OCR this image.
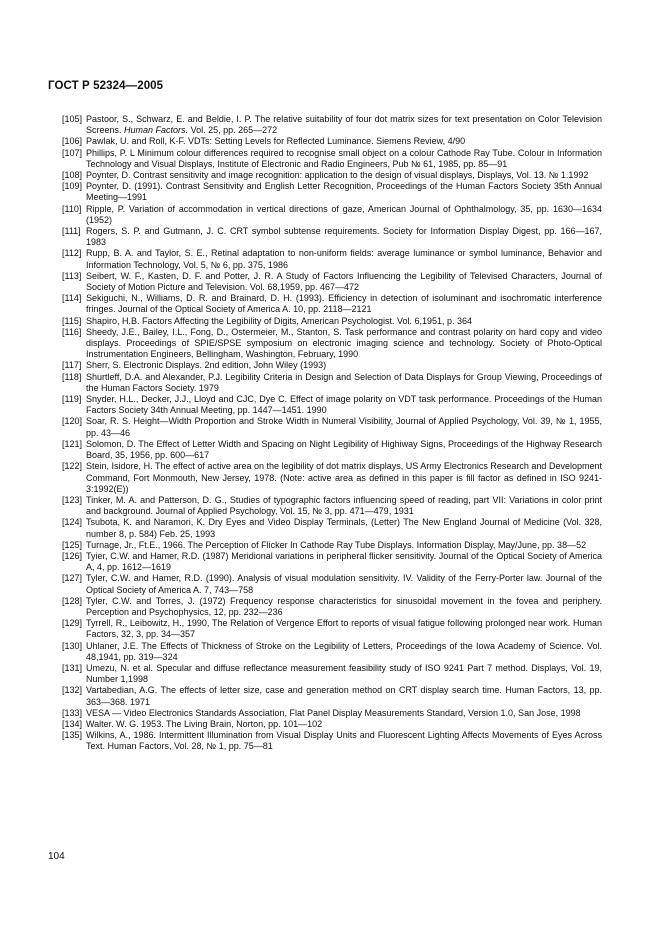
ГОСТ Р 52324—2005
[105] Pastoor, S., Schwarz, E. and Beldie, I. P. The relative suitability of four dot matrix sizes for text presentation on Color Television Screens. Human Factors. Vol. 25, pp. 265—272
[106] Pawlak, U. and Roll, K-F. VDTs: Setting Levels for Reflected Luminance. Siemens Review, 4/90
[107] Phillips, P. L Minimum colour differences required to recognise small object on a colour Cathode Ray Tube. Colour in Information Technology and Visual Displays, Institute of Electronic and Radio Engineers, Pub № 61, 1985, pp. 85—91
[108] Poynter, D. Contrast sensitivity and image recognition: application to the design of visual displays, Displays, Vol. 13. № 1.1992
[109] Poynter, D. (1991). Contrast Sensitivity and English Letter Recognition, Proceedings of the Human Factors Society 35th Annual Meeting—1991
[110] Ripple, P. Variation of accommodation in vertical directions of gaze, American Journal of Ophthalmology, 35, pp. 1630—1634 (1952)
[111] Rogers, S. P. and Gutmann, J. C. CRT symbol subtense requirements. Society for Information Display Digest, pp. 166—167, 1983
[112] Rupp, B. A. and Taylor, S. E., Retinal adaptation to non-uniform fields: average luminance or symbol luminance, Behavior and Information Technology, Vol. 5, № 6, pp. 375, 1986
[113] Seibert, W. F., Kasten, D. F. and Potter, J. R. A Study of Factors Influencing the Legibility of Televised Characters, Journal of Society of Motion Picture and Television. Vol. 68,1959, pp. 467—472
[114] Sekiguchi, N., Williams, D. R. and Brainard, D. H. (1993). Efficiency in detection of isoluminant and isochromatic interference fringes. Journal of the Optical Society of America A. 10, pp. 2118—2121
[115] Shapiro, H.B. Factors Affecting the Legibility of Digits, American Psychologist. Vol. 6,1951, p. 364
[116] Sheedy, J.E., Bailey, I.L., Fong, D., Ostermeier, M., Stanton, S. Task performance and contrast polarity on hard copy and video displays. Proceedings of SPIE/SPSE symposium on electronic imaging science and technology. Society of Photo-Optical Instrumentation Engineers, Bellingham, Washington, February, 1990
[117] Sherr, S. Electronic Displays. 2nd edition, John Wiley (1993)
[118] Shurtleff, D.A. and Alexander, P.J. Legibility Criteria in Design and Selection of Data Displays for Group Viewing, Proceedings of the Human Factors Society. 1979
[119] Snyder, H.L., Decker, J.J., Lloyd and CJC, Dye C. Effect of image polarity on VDT task performance. Proceedings of the Human Factors Society 34th Annual Meeting, pp. 1447—1451. 1990
[120] Soar, R. S. Height—Width Proportion and Stroke Width in Numeral Visibility, Journal of Applied Psychology, Vol. 39, № 1, 1955, pp. 43—46
[121] Solomon, D. The Effect of Letter Width and Spacing on Night Legibility of Highiway Signs, Proceedings of the Highway Research Board, 35, 1956, pp. 600—617
[122] Stein, Isidore, H. The effect of active area on the legibility of dot matrix displays, US Army Electronics Research and Development Command, Fort Monmouth, New Jersey, 1978. (Note: active area as defined in this paper is fill factor as defined in ISO 9241-3:1992(E))
[123] Tinker, M. A. and Patterson, D. G., Studies of typographic factors influencing speed of reading, part VII: Variations in color print and background. Journal of Applied Psychology, Vol. 15, № 3, pp. 471—479, 1931
[124] Tsubota, K. and Naramori, K. Dry Eyes and Video Display Terminals, (Letter) The New England Journal of Medicine (Vol. 328, number 8, p. 584) Feb. 25, 1993
[125] Turnage, Jr., Ft.E., 1966. The Perception of Flicker In Cathode Ray Tube Displays. Information Display, May/June, pp. 38—52
[126] Tyier, C.W. and Hamer, R.D. (1987) Meridional variations in peripheral flicker sensitivity. Journal of the Optical Society of America A, 4, pp. 1612—1619
[127] Tyler, C.W. and Hamer, R.D. (1990). Analysis of visual modulation sensitivity. IV. Validity of the Ferry-Porter law. Journal of the Optical Society of America A. 7, 743—758
[128] Tyler, C.W. and Torres, J. (1972) Frequency response characteristics for sinusoidal movement in the fovea and periphery. Perception and Psychophysics, 12, pp. 232—236
[129] Tyrrell, R., Leibowitz, H., 1990, The Relation of Vergence Effort to reports of visual fatigue following prolonged near work. Human Factors, 32, 3, pp. 34—357
[130] Uhlaner, J.E. The Effects of Thickness of Stroke on the Legibility of Letters, Proceedings of the Iowa Academy of Science. Vol. 48,1941, pp. 319—324
[131] Umezu, N. et al. Specular and diffuse reflectance measurement feasibility study of ISO 9241 Part 7 method. Displays, Vol. 19, Number 1,1998
[132] Vartabedian, A.G. The effects of letter size, case and generation method on CRT display search time. Human Factors, 13, pp. 363—368. 1971
[133] VESA — Video Electronics Standards Association, Flat Panel Display Measurements Standard, Version 1.0, San Jose, 1998
[134] Walter. W. G. 1953. The Living Brain, Norton, pp. 101—102
[135] Wilkins, A., 1986. Intermittent Illumination from Visual Display Units and Fluorescent Lighting Affects Movements of Eyes Across Text. Human Factors, Vol. 28, № 1, pp. 75—81
104
